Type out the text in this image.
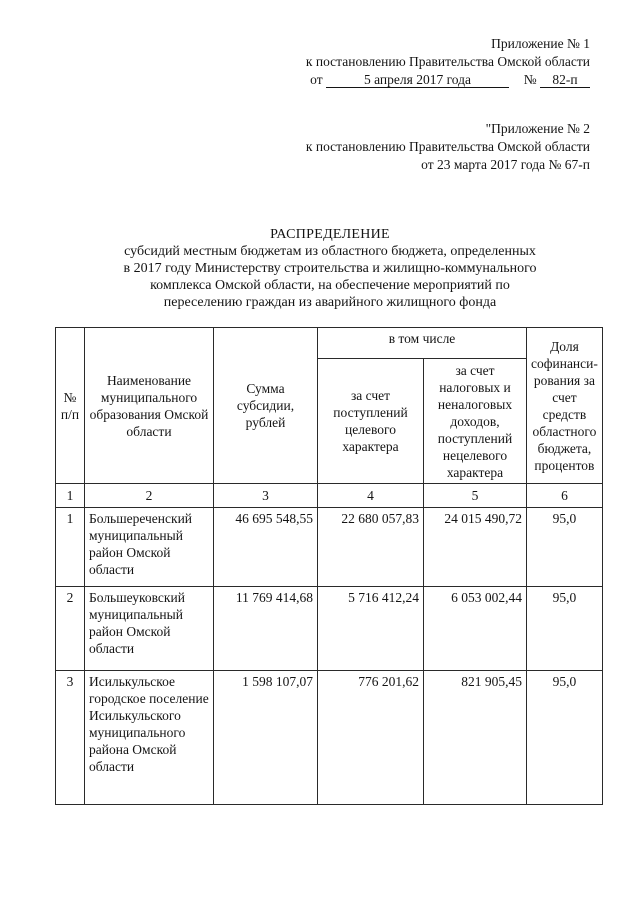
Приложение № 1
к постановлению Правительства Омской области
от	5 апреля 2017 года	№ 82-п
"Приложение № 2
к постановлению Правительства Омской области
от 23 марта 2017 года № 67-п
РАСПРЕДЕЛЕНИЕ
субсидий местным бюджетам из областного бюджета, определенных
в 2017 году Министерству строительства и жилищно-коммунального
комплекса Омской области, на обеспечение мероприятий по
переселению граждан из аварийного жилищного фонда
№ п/п	Наименование муниципального образования Омской области	Сумма субсидии, рублей	в том числе		Доля софинанси-рования за счет средств областного бюджета, процентов
			за счет поступлений целевого характера	за счет налоговых и неналоговых доходов, поступлений нецелевого характера	
1	2	3	4	5	6
1	Большереченский муниципальный район Омской области	46 695 548,55	22 680 057,83	24 015 490,72	95,0
2	Большеуковский муниципальный район Омской области	11 769 414,68	5 716 412,24	6 053 002,44	95,0
3	Исилькульское городское поселение Исилькульского муниципального района Омской области	1 598 107,07	776 201,62	821 905,45	95,0
